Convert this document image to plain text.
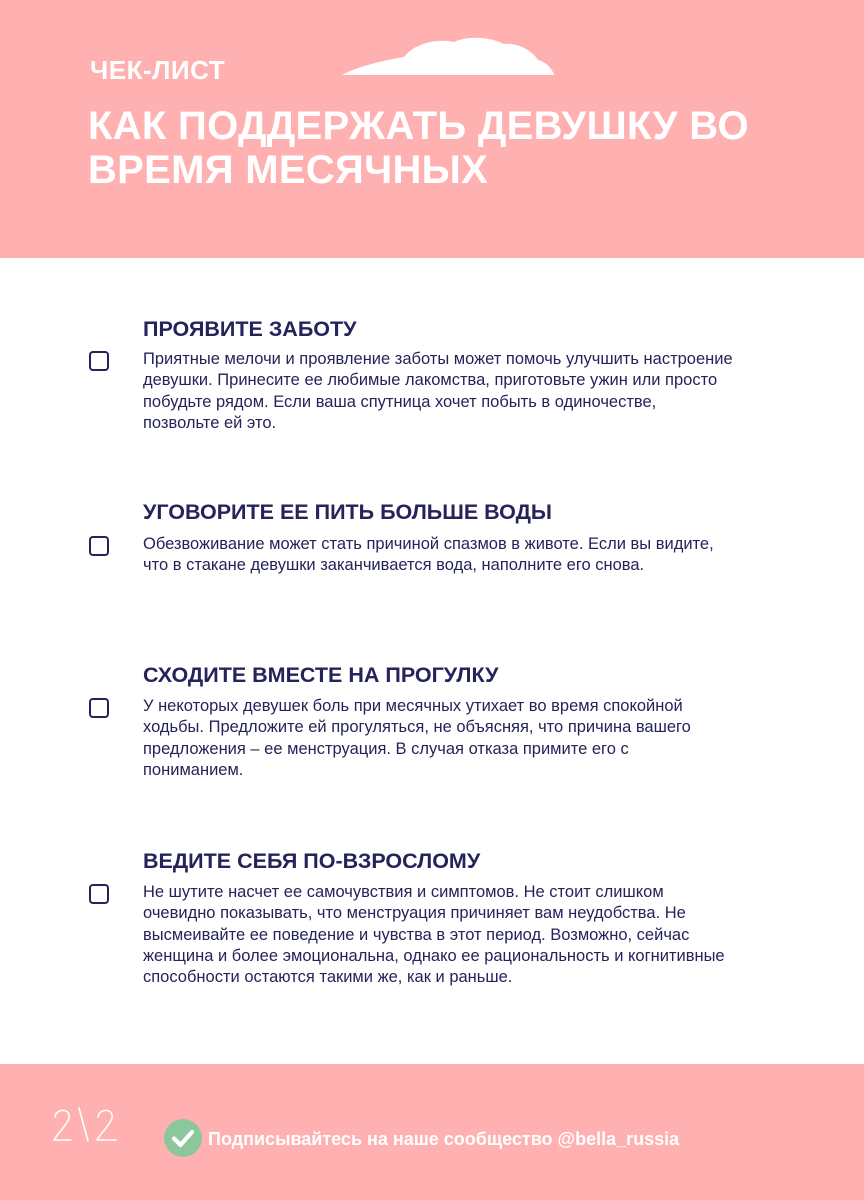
ЧЕК-ЛИСТ
КАК ПОДДЕРЖАТЬ ДЕВУШКУ ВО ВРЕМЯ МЕСЯЧНЫХ
ПРОЯВИТЕ ЗАБОТУ
Приятные мелочи и проявление заботы может помочь улучшить настроение девушки. Принесите ее любимые лакомства, приготовьте ужин или просто побудьте рядом. Если ваша спутница хочет побыть в одиночестве, позвольте ей это.
УГОВОРИТЕ ЕЕ ПИТЬ БОЛЬШЕ ВОДЫ
Обезвоживание может стать причиной спазмов в животе. Если вы видите, что в стакане девушки заканчивается вода, наполните его снова.
СХОДИТЕ ВМЕСТЕ НА ПРОГУЛКУ
У некоторых девушек боль при месячных утихает во время спокойной ходьбы. Предложите ей прогуляться, не объясняя, что причина вашего предложения – ее менструация. В случая отказа примите его с пониманием.
ВЕДИТЕ СЕБЯ ПО-ВЗРОСЛОМУ
Не шутите насчет ее самочувствия и симптомов. Не стоит слишком очевидно показывать, что менструация причиняет вам неудобства. Не высмеивайте ее поведение и чувства в этот период. Возможно, сейчас женщина и более эмоциональна, однако ее рациональность и когнитивные способности остаются такими же, как и раньше.
Подписывайтесь на наше сообщество @bella_russia
